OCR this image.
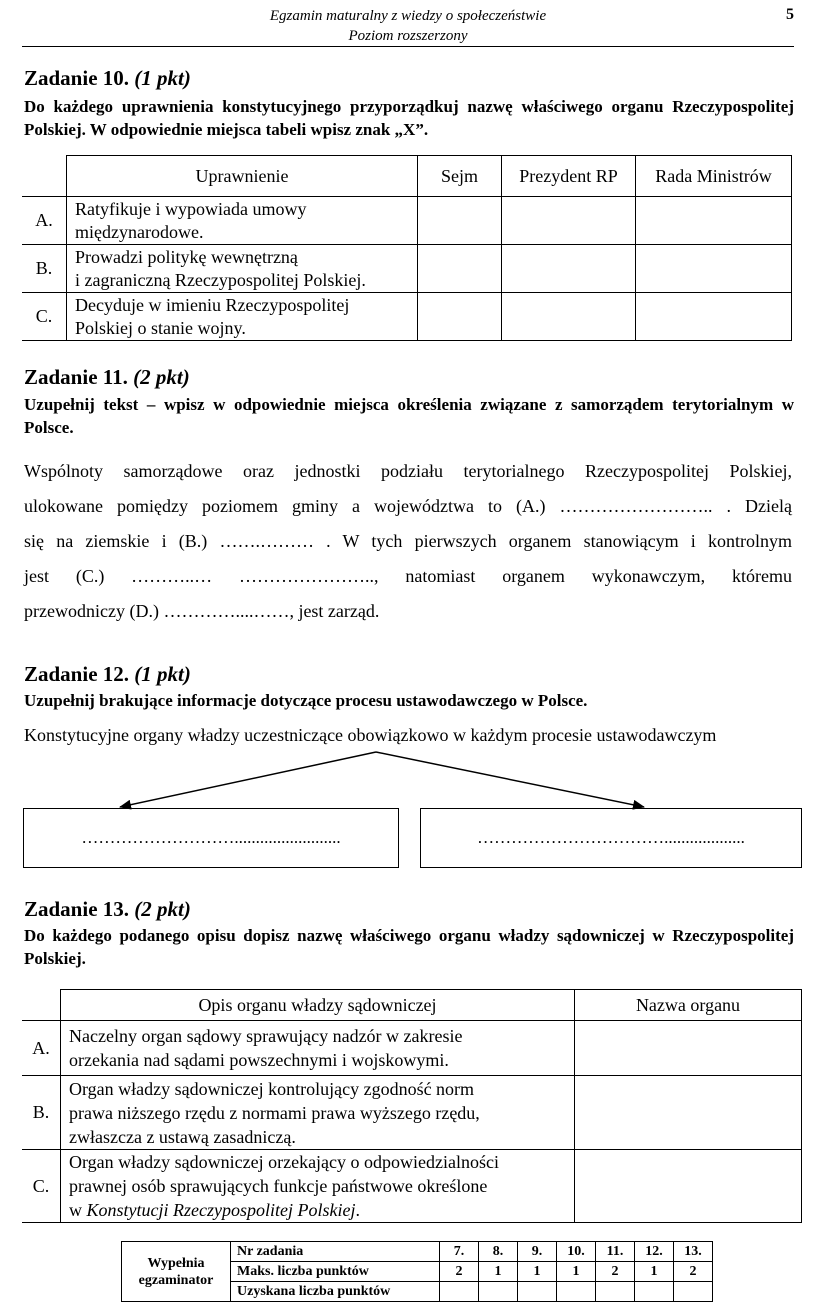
Egzamin maturalny z wiedzy o społeczeństwie
Poziom rozszerzony
5
Zadanie 10. (1 pkt)
Do każdego uprawnienia konstytucyjnego przyporządkuj nazwę właściwego organu Rzeczypospolitej Polskiej. W odpowiednie miejsca tabeli wpisz znak „X”.
	Uprawnienie	Sejm	Prezydent RP	Rada Ministrów
A.	Ratyfikuje i wypowiada umowy
międzynarodowe.			

B.	Prowadzi politykę wewnętrzną
i zagraniczną Rzeczypospolitej Polskiej.			

C.	Decyduje w imieniu Rzeczypospolitej
Polskiej o stanie wojny.			

Zadanie 11. (2 pkt)
Uzupełnij tekst – wpisz w odpowiednie miejsca określenia związane z samorządem terytorialnym w Polsce.
Wspólnoty samorządowe oraz jednostki podziału terytorialnego Rzeczypospolitej Polskiej,
ulokowane pomiędzy poziomem gminy a województwa to (A.) …………………….. . Dzielą
się na ziemskie i (B.) …….……… . W tych pierwszych organem stanowiącym i kontrolnym
jest (C.) ………..… ………………….., natomiast organem wykonawczym, któremu
przewodniczy (D.) …………....……, jest zarząd.
Zadanie 12. (1 pkt)
Uzupełnij brakujące informacje dotyczące procesu ustawodawczego w Polsce.
Konstytucyjne organy władzy uczestniczące obowiązkowo w każdym procesie ustawodawczym
……………………….........................	……………………………...................
Zadanie 13. (2 pkt)
Do każdego podanego opisu dopisz nazwę właściwego organu władzy sądowniczej w Rzeczypospolitej Polskiej.
	Opis organu władzy sądowniczej	Nazwa organu
A.	Naczelny organ sądowy sprawujący nadzór w zakresie
orzekania nad sądami powszechnymi i wojskowymi.	

B.	Organ władzy sądowniczej kontrolujący zgodność norm
prawa niższego rzędu z normami prawa wyższego rzędu,
zwłaszcza z ustawą zasadniczą.	

C.	Organ władzy sądowniczej orzekający o odpowiedzialności
prawnej osób sprawujących funkcje państwowe określone
w Konstytucji Rzeczypospolitej Polskiej.	

Wypełnia egzaminator	Nr zadania	7.	8.	9.	10.	11.	12.	13.
	Maks. liczba punktów	2	1	1	1	2	1	2
	Uzyskana liczba punktów							
